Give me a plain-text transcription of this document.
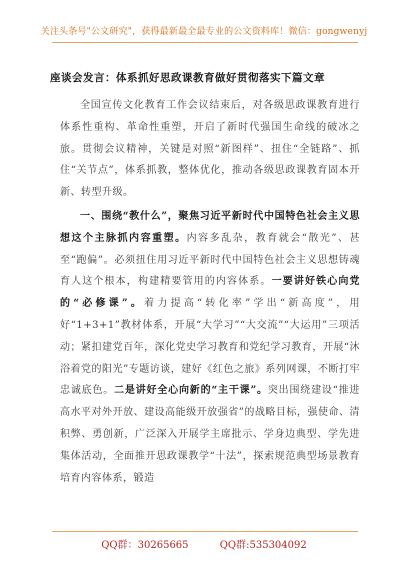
关注头条号"公文研究"，获得最新最全最专业的公文资料库！微信：gongwenyj
座谈会发言：体系抓好思政课教育做好贯彻落实下篇文章

全国宣传文化教育工作会议结束后，对各级思政课教育进行体系性重构、革命性重塑，开启了新时代强国生命线的破冰之旅。贯彻会议精神，关键是对照“新图样”、扭住“全链路”、抓住“关节点”，体系抓教，整体优化，推动各级思政课教育固本开新、转型升级。

一、围绕“教什么”，聚焦习近平新时代中国特色社会主义思想这个主脉抓内容重塑。内容多乱杂，教育就会“散光”、甚至“跑偏”。必须扭住用习近平新时代中国特色社会主义思想铸魂育人这个根本，构建精要管用的内容体系。一要讲好铁心向党的“必修课”。着力提高“转化率”学出“新高度”，用好“1+3+1”教材体系，开展“大学习”“大交流”“大运用”三项活动；紧扣建党百年，深化党史学习教育和党纪学习教育，开展“沐浴着党的阳光”专题访谈，建好《红色之旅》系列网课，不断打牢忠诚底色。二是讲好全心向新的“主干课”。突出围绕建设“推进高水平对外开放、建设高能级开放强省”的战略目标，强使命、清积弊、勇创新，广泛深入开展学主席批示、学身边典型、学先进集体活动，全面推开思政课教学“十法”，探索规范典型场景教育培育内容体系，锻造

QQ群：30265665	QQ群:535304092
